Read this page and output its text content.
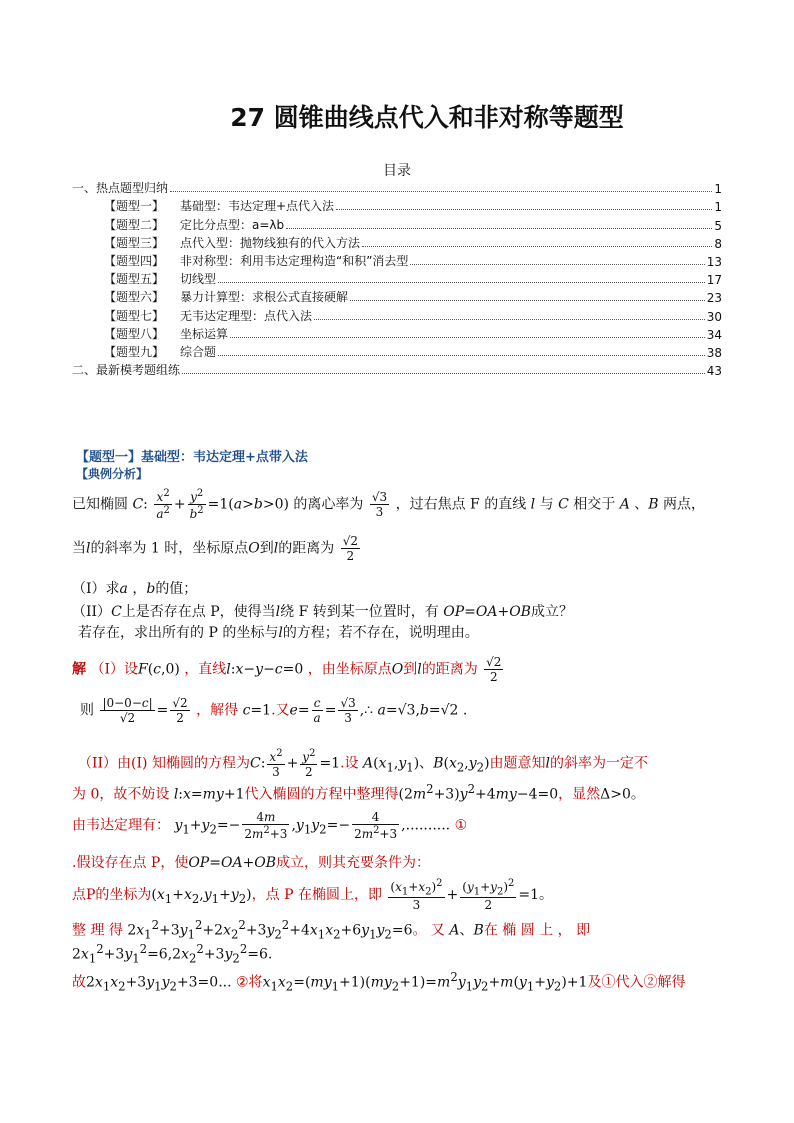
27 圆锥曲线点代入和非对称等题型
目录
一、热点题型归纳	1
【题型一】	基础型：韦达定理+点代入法	1
【题型二】	定比分点型：a=λb	5
【题型三】	点代入型：抛物线独有的代入方法	8
【题型四】	非对称型：利用韦达定理构造“和积”消去型	13
【题型五】	切线型	17
【题型六】	暴力计算型：求根公式直接硬解	23
【题型七】	无韦达定理型：点代入法	30
【题型八】	坐标运算	34
【题型九】	综合题	38
二、最新模考题组练	43
【题型一】基础型：韦达定理+点带入法
【典例分析】
已知椭圆 C: $\frac{x^2}{a^2} + \frac{y^2}{b^2} =1(a>b>0)$ 的离心率为 $\frac{√3}{3}$ ，过右焦点 F 的直线 l 与 C 相交于 A 、B 两点，
当l的斜率为 1 时，坐标原点O到l的距离为 $\frac{√2}{2}$
（I）求a ，b的值；
（II）C上是否存在点 P，使得当l绕 F 转到某一位置时，有 OP=OA+OB成立？
若存在，求出所有的 P 的坐标与l的方程；若不存在，说明理由。
解 （I）设F(c,0) ，直线l:x−y−c=0 ，由坐标原点O到l的距离为 $\frac{√2}{2}$
则 $\frac{|0-0-c|}{√2} = \frac{√2}{2}$ ，解得 c=1.又$e= \frac{c}{a} = \frac{√3}{3}$ ,∴ a=√3,b=√2 .
（II）由(I) 知椭圆的方程为C: $\frac{x^2}{3} + \frac{y^2}{2} =1$.设 $A(x_1,y_1)$、$B(x_2,y_2)$由题意知l的斜率为一定不
为 0，故不妨设 l:x=my+1代入椭圆的方程中整理得$(2m^2+3)y^2+4my-4=0$，显然Δ>0。
由韦达定理有： $y_1+y_2=- \frac{4m}{2m^2+3} ,y_1y_2=- \frac{4}{2m^2+3}$ ,.......... ①
.假设存在点 P，使OP=OA+OB成立，则其充要条件为：
点P的坐标为$(x_1+x_2,y_1+y_2)$，点 P 在椭圆上，即 $\frac{(x_1+x_2)^2}{3} + \frac{(y_1+y_2)^2}{2} =1$。
整 理 得 $2x_1^2+3y_1^2+2x_2^2+3y_2^2+4x_1x_2+6y_1y_2=6$。 又 A、B在 椭 圆 上 ， 即
$2x_1^2+3y_1^2=6,2x_2^2+3y_2^2=6$.
故$2x_1x_2+3y_1y_2+3=0$... ②将$x_1x_2=(my_1+1)(my_2+1)=m^2y_1y_2+m(y_1+y_2)+1$及①代入②解得
